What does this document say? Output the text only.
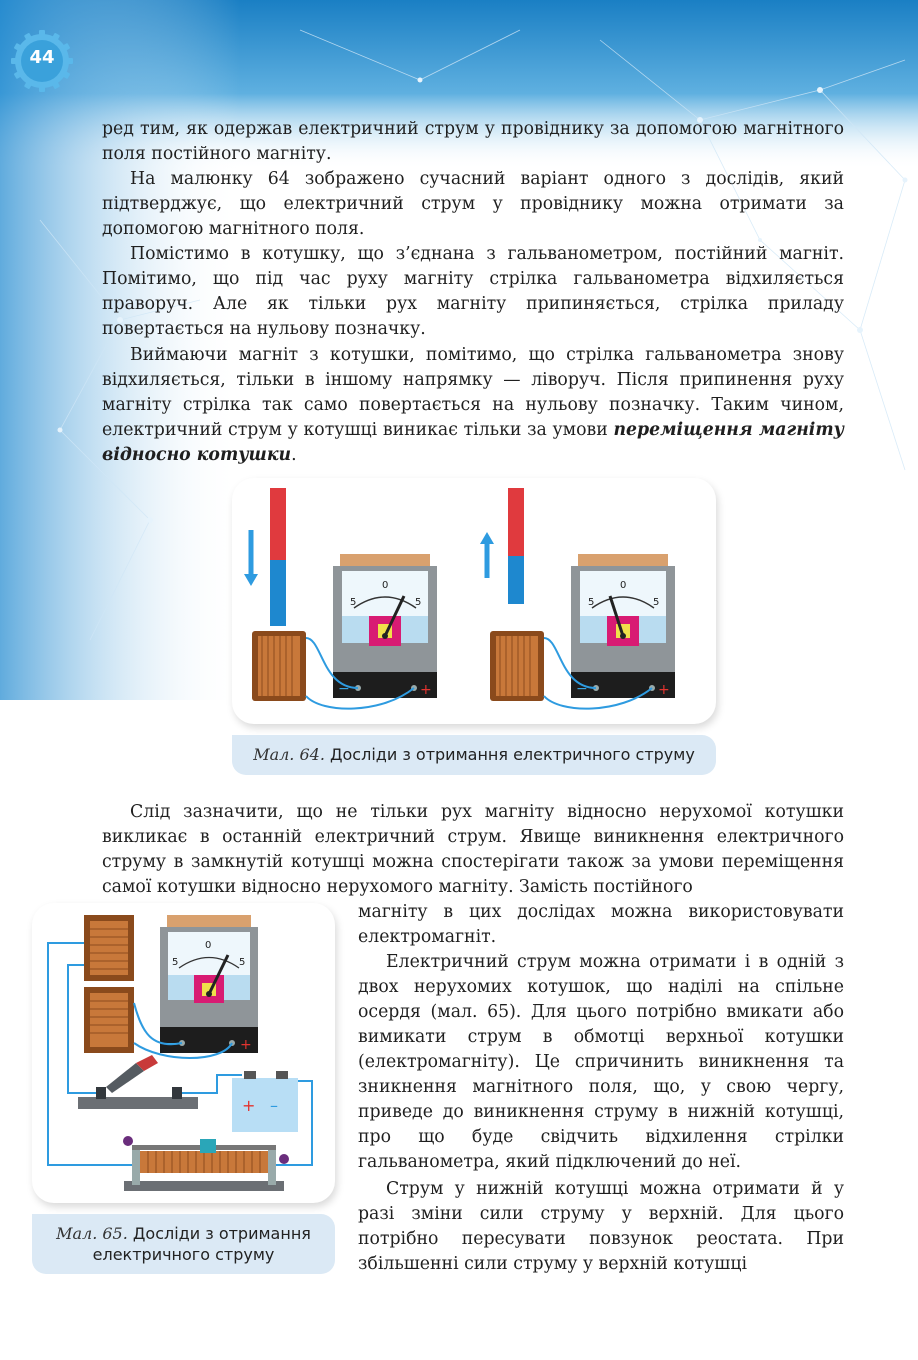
44

ред тим, як одержав електричний струм у провіднику за допомогою магнітного поля постійного магніту.

На малюнку 64 зображено сучасний варіант одного з дослідів, який підтверджує, що електричний струм у провіднику можна отримати за допомогою магнітного поля.

Помістимо в котушку, що з’єднана з гальванометром, постійний магніт. Помітимо, що під час руху магніту стрілка гальванометра відхиляється праворуч. Але як тільки рух магніту припиняється, стрілка приладу повертається на нульову позначку.

Виймаючи магніт з котушки, помітимо, що стрілка гальванометра знову відхиляється, тільки в іншому напрямку — ліворуч. Після припинення руху магніту стрілка так само повертається на нульову позначку. Таким чином, електричний струм у котушці виникає тільки за умови переміщення магніту відносно котушки.

5
0
5
−	+
5
0
5
−	+
Мал. 64. Досліди з отримання електричного струму

Слід зазначити, що не тільки рух магніту відносно нерухомої котушки викликає в останній електричний струм. Явище виникнення електричного струму в замкнутій котушці можна спостерігати також за умови переміщення самої котушки відносно нерухомого магніту. Замість постійного

магніту в цих дослідах можна використовувати електромагніт.

Електричний струм можна отримати і в одній з двох нерухомих котушок, що наділі на спільне осердя (мал. 65). Для цього потрібно вмикати або вимикати струм в обмотці верхньої котушки (електромагніту). Це спричинить виникнення та зникнення магнітного поля, що, у свою чергу, приведе до виникнення струму в нижній котушці, про що буде свідчить відхилення стрілки гальванометра, який підключений до неї.

Струм у нижній котушці можна отримати й у разі зміни сили струму у верхній. Для цього потрібно пересувати повзунок реостата. При збільшенні сили струму у верхній котушці

+ –
5
0
5
−	+
Мал. 65. Досліди з отримання електричного струму
